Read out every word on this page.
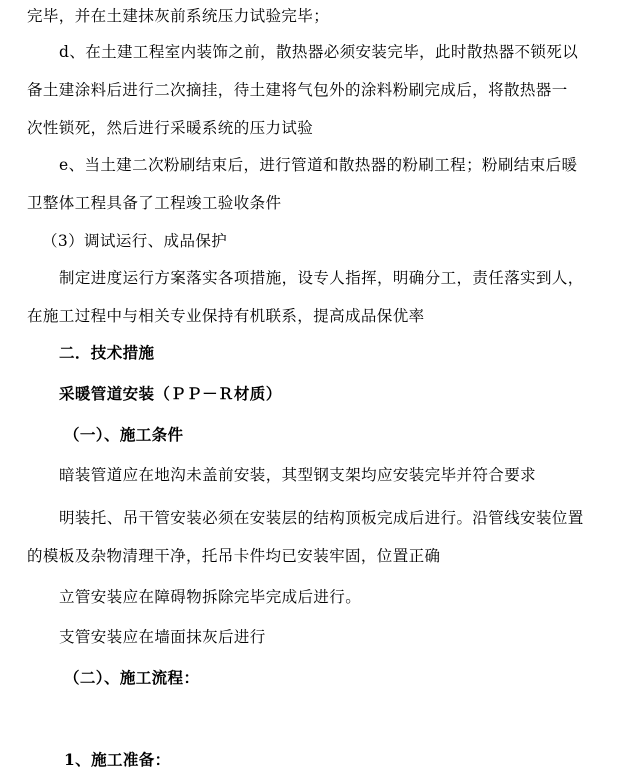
完毕，并在土建抹灰前系统压力试验完毕；
d、在土建工程室内装饰之前，散热器必须安装完毕，此时散热器不锁死以
备土建涂料后进行二次摘挂，待土建将气包外的涂料粉刷完成后，将散热器一
次性锁死，然后进行采暖系统的压力试验
e、当土建二次粉刷结束后，进行管道和散热器的粉刷工程；粉刷结束后暖
卫整体工程具备了工程竣工验收条件
（3）调试运行、成品保护
制定进度运行方案落实各项措施，设专人指挥，明确分工，责任落实到人，
在施工过程中与相关专业保持有机联系，提高成品保优率
二．技术措施
采暖管道安装（ＰＰ－Ｒ材质）
（一）、施工条件
暗装管道应在地沟未盖前安装，其型钢支架均应安装完毕并符合要求
明装托、吊干管安装必须在安装层的结构顶板完成后进行。沿管线安装位置
的模板及杂物清理干净，托吊卡件均已安装牢固，位置正确
立管安装应在障碍物拆除完毕完成后进行。
支管安装应在墙面抹灰后进行
（二）、施工流程：
1、施工准备：
